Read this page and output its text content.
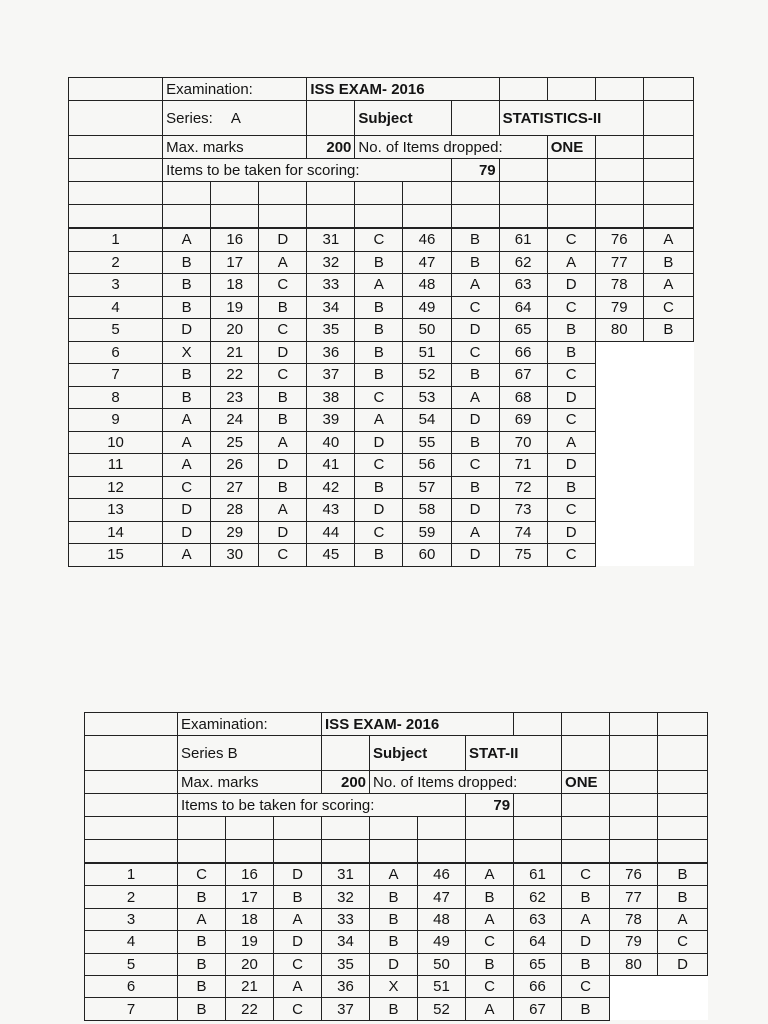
	Examination:			ISS EXAM- 2016							
	Series: A				Subject			STATISTICS-II			
	Max. marks			200	No. of Items dropped:				ONE		
	Items to be taken for scoring:						79				

1	A	16	D	31	C	46	B	61	C	76	A
2	B	17	A	32	B	47	B	62	A	77	B
3	B	18	C	33	A	48	A	63	D	78	A
4	B	19	B	34	B	49	C	64	C	79	C
5	D	20	C	35	B	50	D	65	B	80	B
6	X	21	D	36	B	51	C	66	B		
7	B	22	C	37	B	52	B	67	C		
8	B	23	B	38	C	53	A	68	D		
9	A	24	B	39	A	54	D	69	C		
10	A	25	A	40	D	55	B	70	A		
11	A	26	D	41	C	56	C	71	D		
12	C	27	B	42	B	57	B	72	B		
13	D	28	A	43	D	58	D	73	C		
14	D	29	D	44	C	59	A	74	D		
15	A	30	C	45	B	60	D	75	C		
	Examination:			ISS EXAM- 2016							
	Series B				Subject		STAT-II				
	Max. marks			200	No. of Items dropped:				ONE		
	Items to be taken for scoring:						79				

1	C	16	D	31	A	46	A	61	C	76	B
2	B	17	B	32	B	47	B	62	B	77	B
3	A	18	A	33	B	48	A	63	A	78	A
4	B	19	D	34	B	49	C	64	D	79	C
5	B	20	C	35	D	50	B	65	B	80	D
6	B	21	A	36	X	51	C	66	C		
7	B	22	C	37	B	52	A	67	B		
